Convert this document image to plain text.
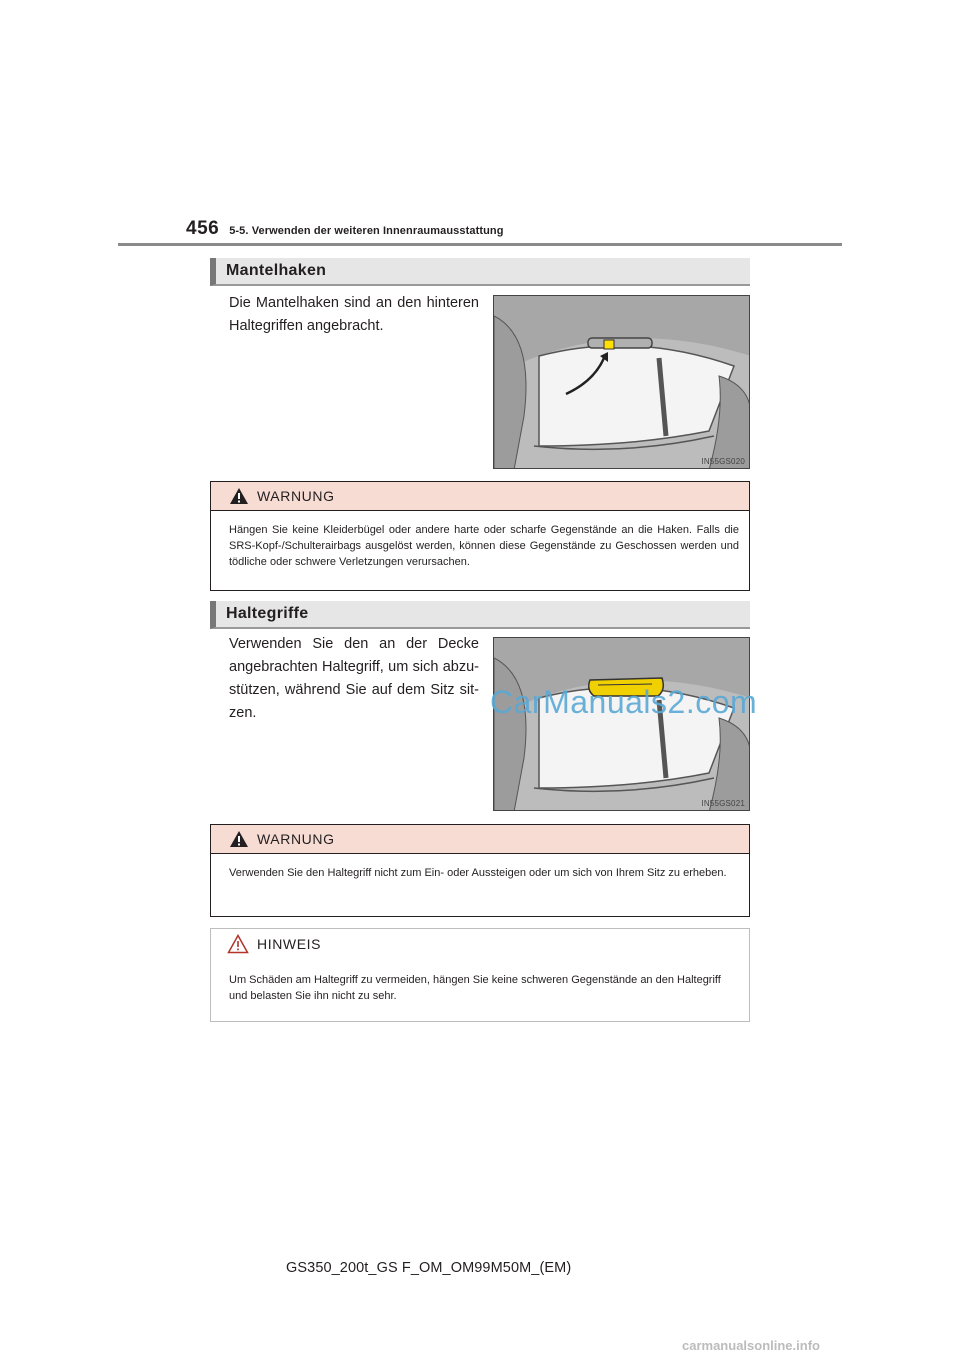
456 5-5. Verwenden der weiteren Innenraumausstattung
Mantelhaken
Die Mantelhaken sind an den hinteren Haltegriffen angebracht.
IN55GS020
WARNUNG
Hängen Sie keine Kleiderbügel oder andere harte oder scharfe Gegenstände an die Haken. Falls die SRS-Kopf-/Schulterairbags ausgelöst werden, können diese Gegenstände zu Geschossen werden und tödliche oder schwere Verletzungen verursachen.
Haltegriffe
Verwenden Sie den an der Decke angebrachten Haltegriff, um sich abzu-stützen, während Sie auf dem Sitz sit-zen.
IN55GS021
CarManuals2.com
WARNUNG
Verwenden Sie den Haltegriff nicht zum Ein- oder Aussteigen oder um sich von Ihrem Sitz zu erheben.
HINWEIS
Um Schäden am Haltegriff zu vermeiden, hängen Sie keine schweren Gegenstände an den Haltegriff und belasten Sie ihn nicht zu sehr.
GS350_200t_GS F_OM_OM99M50M_(EM)
carmanualsonline.info
